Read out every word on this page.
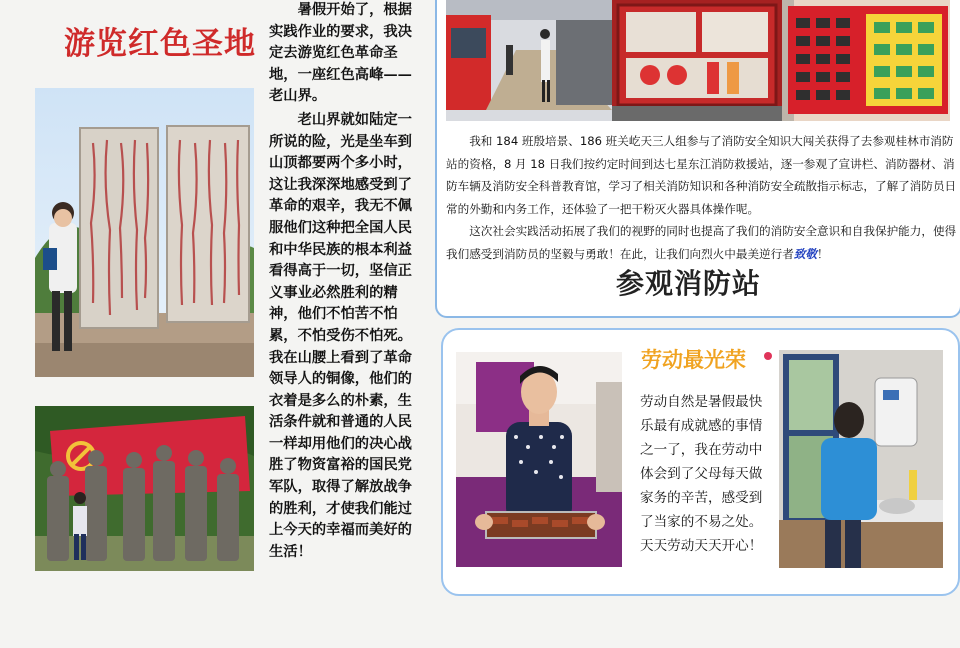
游览红色圣地

暑假开始了，根据实践作业的要求，我决定去游览红色革命圣地，一座红色高峰——老山界。

老山界就如陆定一所说的险，光是坐车到山顶都要两个多小时，这让我深深地感受到了革命的艰辛，我无不佩服他们这种把全国人民和中华民族的根本利益看得高于一切，坚信正义事业必然胜利的精神，他们不怕苦不怕累，不怕受伤不怕死。我在山腰上看到了革命领导人的铜像，他们的衣着是多么的朴素，生活条件就和普通的人民一样却用他们的决心战胜了物资富裕的国民党军队，取得了解放战争的胜利，才使我们能过上今天的幸福而美好的生活！

我和 184 班殷培景、186 班关屹天三人组参与了消防安全知识大闯关获得了去参观桂林市消防站的资格，8 月 18 日我们按约定时间到达七星东江消防救援站，逐一参观了宣讲栏、消防器材、消防车辆及消防安全科普教育馆，学习了相关消防知识和各种消防安全疏散指示标志，了解了消防员日常的外勤和内务工作，还体验了一把干粉灭火器具体操作呢。

这次社会实践活动拓展了我们的视野的同时也提高了我们的消防安全意识和自我保护能力，使得我们感受到消防员的坚毅与勇敢！在此，让我们向烈火中最美逆行者致敬！

参观消防站
劳动最光荣
劳动自然是暑假最快乐最有成就感的事情之一了，我在劳动中体会到了父母每天做家务的辛苦，感受到了当家的不易之处。天天劳动天天开心！
